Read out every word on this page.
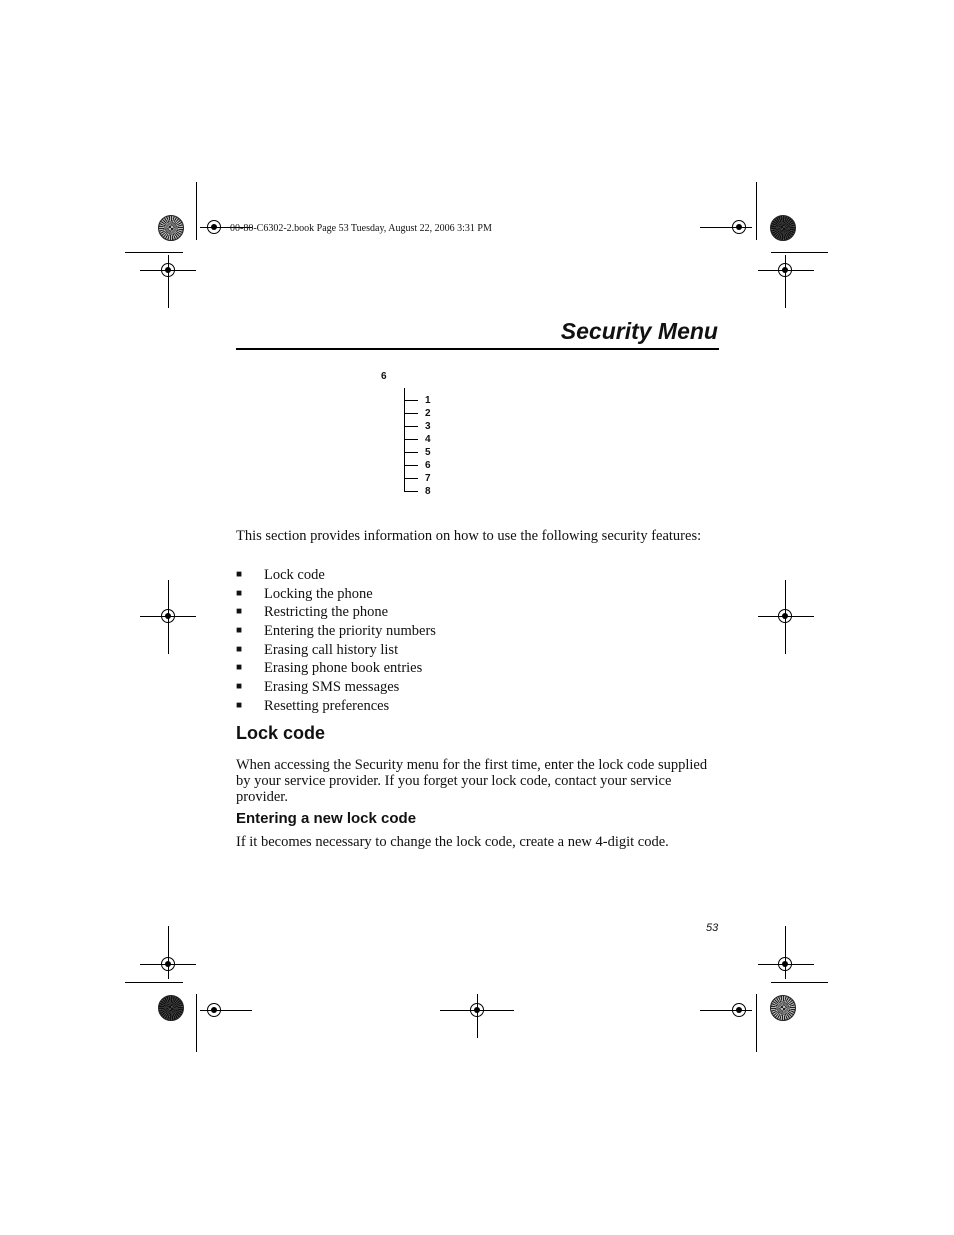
00-80-C6302-2.book Page 53 Tuesday, August 22, 2006 3:31 PM
Security Menu
6
1
2
3
4
5
6
7
8
This section provides information on how to use the following security features:
■ Lock code
■ Locking the phone
■ Restricting the phone
■ Entering the priority numbers
■ Erasing call history list
■ Erasing phone book entries
■ Erasing SMS messages
■ Resetting preferences
Lock code
When accessing the Security menu for the first time, enter the lock code supplied by your service provider. If you forget your lock code, contact your service provider.
Entering a new lock code
If it becomes necessary to change the lock code, create a new 4-digit code.
53
